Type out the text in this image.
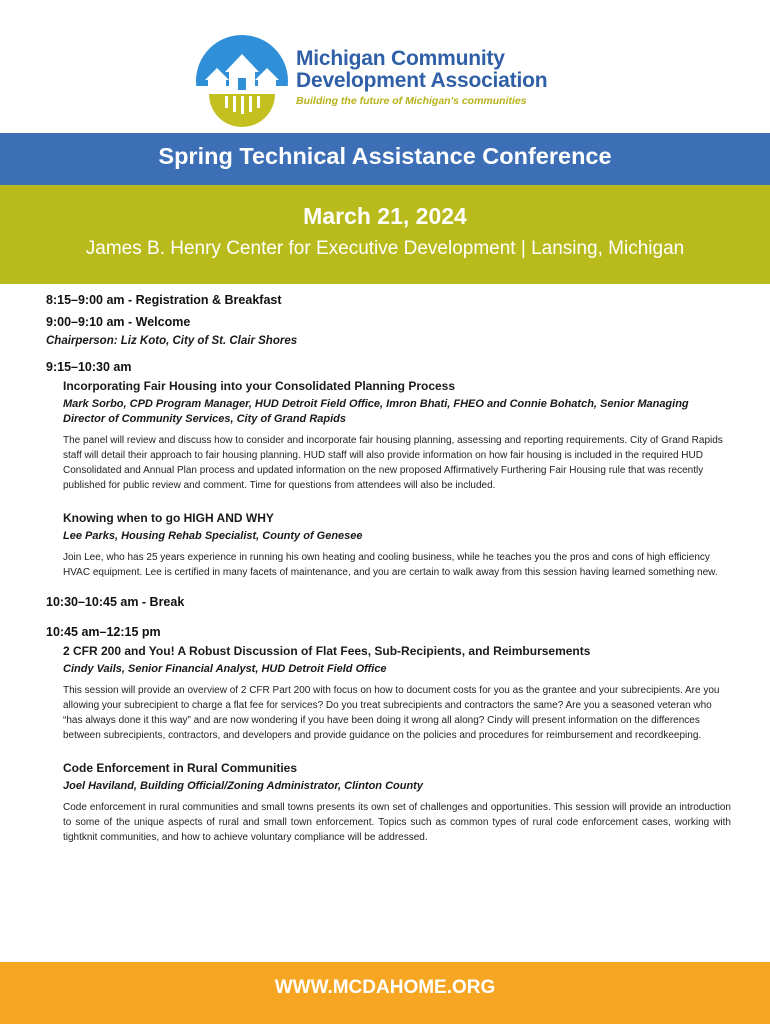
Michigan Community
Development Association
Building the future of Michigan's communities
Spring Technical Assistance Conference
March 21, 2024
James B. Henry Center for Executive Development | Lansing, Michigan

8:15–9:00 am - Registration & Breakfast

9:00–9:10 am - Welcome

Chairperson: Liz Koto, City of St. Clair Shores

9:15–10:30 am

Incorporating Fair Housing into your Consolidated Planning Process

Mark Sorbo, CPD Program Manager, HUD Detroit Field Office, Imron Bhati, FHEO and Connie Bohatch, Senior Managing Director of Community Services, City of Grand Rapids

The panel will review and discuss how to consider and incorporate fair housing planning, assessing and reporting requirements. City of Grand Rapids staff will detail their approach to fair housing planning. HUD staff will also provide information on how fair housing is included in the required HUD Consolidated and Annual Plan process and updated information on the new proposed Affirmatively Furthering Fair Housing rule that was recently published for public review and comment. Time for questions from attendees will also be included.

Knowing when to go HIGH AND WHY

Lee Parks, Housing Rehab Specialist, County of Genesee

Join Lee, who has 25 years experience in running his own heating and cooling business, while he teaches you the pros and cons of high efficiency HVAC equipment. Lee is certified in many facets of maintenance, and you are certain to walk away from this session having learned something new.

10:30–10:45 am - Break

10:45 am–12:15 pm

2 CFR 200 and You! A Robust Discussion of Flat Fees, Sub-Recipients, and Reimbursements

Cindy Vails, Senior Financial Analyst, HUD Detroit Field Office

This session will provide an overview of 2 CFR Part 200 with focus on how to document costs for you as the grantee and your subrecipients. Are you allowing your subrecipient to charge a flat fee for services? Do you treat subrecipients and contractors the same? Are you a seasoned veteran who “has always done it this way” and are now wondering if you have been doing it wrong all along? Cindy will present information on the differences between subrecipients, contractors, and developers and provide guidance on the policies and procedures for reimbursement and recordkeeping.

Code Enforcement in Rural Communities

Joel Haviland, Building Official/Zoning Administrator, Clinton County

Code enforcement in rural communities and small towns presents its own set of challenges and opportunities. This session will provide an introduction to some of the unique aspects of rural and small town enforcement. Topics such as common types of rural code enforcement cases, working with tightknit communities, and how to achieve voluntary compliance will be addressed.

WWW.MCDAHOME.ORG
